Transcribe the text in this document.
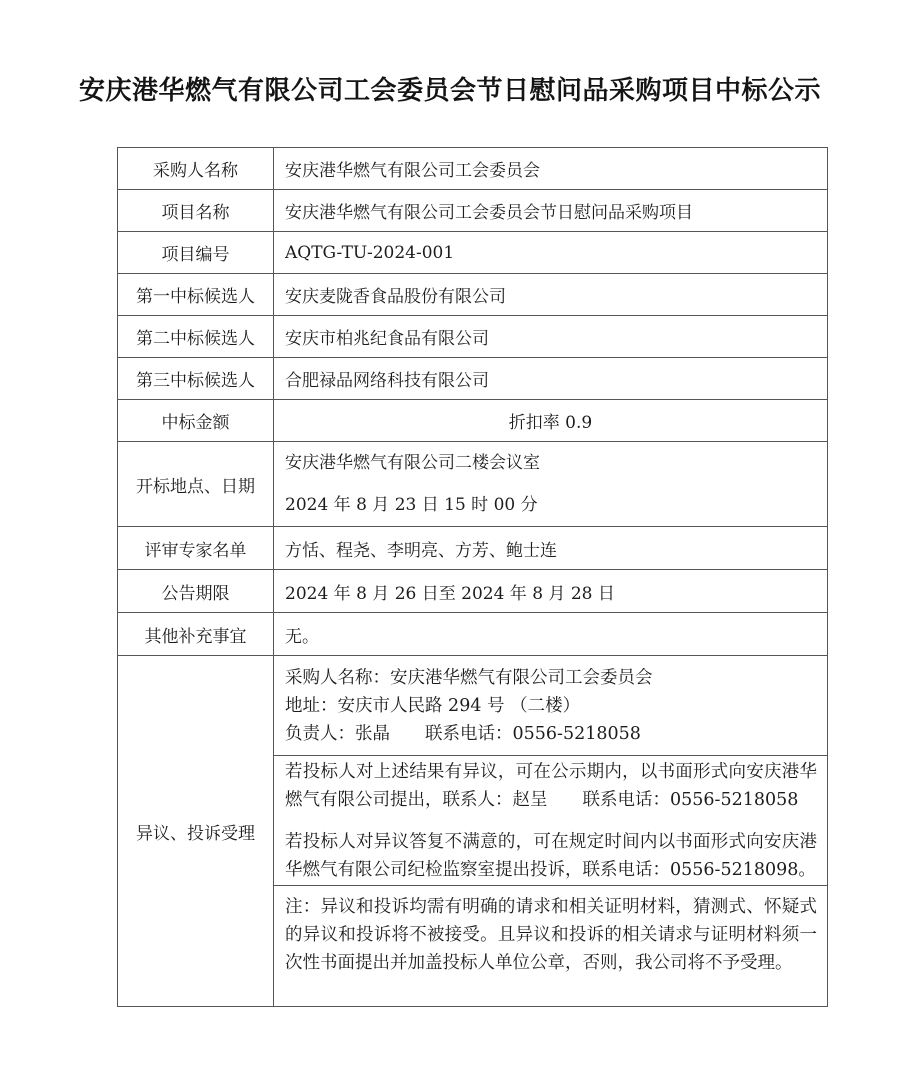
安庆港华燃气有限公司工会委员会节日慰问品采购项目中标公示
采购人名称	安庆港华燃气有限公司工会委员会
项目名称	安庆港华燃气有限公司工会委员会节日慰问品采购项目
项目编号	AQTG-TU-2024-001
第一中标候选人	安庆麦陇香食品股份有限公司
第二中标候选人	安庆市柏兆纪食品有限公司
第三中标候选人	合肥禄品网络科技有限公司
中标金额	折扣率 0.9
开标地点、日期	安庆港华燃气有限公司二楼会议室
2024 年 8 月 23 日 15 时 00 分

评审专家名单	方恬、程尧、李明亮、方芳、鲍士连
公告期限	2024 年 8 月 26 日至 2024 年 8 月 28 日
其他补充事宜	无。
异议、投诉受理	采购人名称：安庆港华燃气有限公司工会委员会
地址：安庆市人民路 294 号 （二楼）
负责人：张晶　　联系电话：0556-5218058

	若投标人对上述结果有异议，可在公示期内，以书面形式向安庆港华燃气有限公司提出，联系人：赵呈　　联系电话：0556-5218058

若投标人对异议答复不满意的，可在规定时间内以书面形式向安庆港华燃气有限公司纪检监察室提出投诉，联系电话：0556-5218098。

	注：异议和投诉均需有明确的请求和相关证明材料，猜测式、怀疑式的异议和投诉将不被接受。且异议和投诉的相关请求与证明材料须一次性书面提出并加盖投标人单位公章，否则，我公司将不予受理。
